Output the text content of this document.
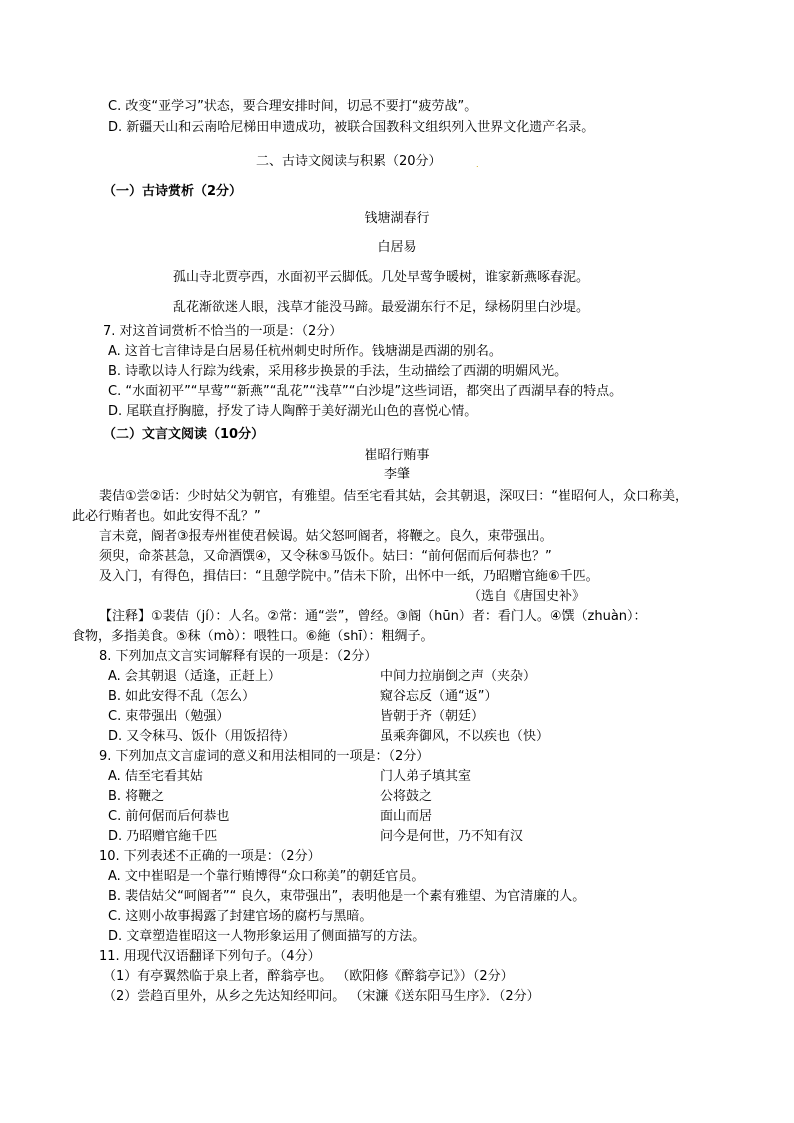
C. 改变“亚学习”状态，要合理安排时间，切忌不要打“疲劳战”。
D. 新疆天山和云南哈尼梯田申遗成功，被联合国教科文组织列入世界文化遗产名录。
二、古诗文阅读与积累（20分）	.
（一）古诗赏析（2分）
钱塘湖春行
白居易
孤山寺北贾亭西，水面初平云脚低。几处早莺争暖树，谁家新燕啄春泥。
乱花渐欲迷人眼，浅草才能没马蹄。最爱湖东行不足，绿杨阴里白沙堤。
7. 对这首词赏析不恰当的一项是：（2分）
A. 这首七言律诗是白居易任杭州刺史时所作。钱塘湖是西湖的别名。
B. 诗歌以诗人行踪为线索，采用移步换景的手法，生动描绘了西湖的明媚风光。
C. “水面初平”“早莺”“新燕”“乱花”“浅草”“白沙堤”这些词语，都突出了西湖早春的特点。
D. 尾联直抒胸臆，抒发了诗人陶醉于美好湖光山色的喜悦心情。
（二）文言文阅读（10分）
崔昭行贿事
李肇
裴佶①尝②话：少时姑父为朝官，有雅望。佶至宅看其姑，会其朝退，深叹曰：“崔昭何人，众口称美，
此必行贿者也。如此安得不乱？”
言未竟，阍者③报寿州崔使君候谒。姑父怒呵阍者，将鞭之。良久，束带强出。
须臾，命茶甚急，又命酒馔④，又令秣⑤马饭仆。姑曰：“前何倨而后何恭也？”
及入门，有得色，揖佶曰：“且憩学院中。”佶未下阶，出怀中一纸，乃昭赠官絁⑥千匹。
（选自《唐国史补》
【注释】①裴佶（jí）：人名。②常：通“尝”，曾经。③阍（hūn）者：看门人。④馔（zhuàn）：
食物，多指美食。⑤秣（mò）：喂牲口。⑥絁（shī）：粗绸子。
8. 下列加点文言实词解释有误的一项是：（2分）
A. 会其朝退（适逢，正赶上）	中间力拉崩倒之声（夹杂）
B. 如此安得不乱（怎么）	窥谷忘反（通“返”）
C. 束带强出（勉强）	皆朝于齐（朝廷）
D. 又令秣马、饭仆（用饭招待）	虽乘奔御风，不以疾也（快）
9. 下列加点文言虚词的意义和用法相同的一项是：（2分）
A. 佶至宅看其姑	门人弟子填其室
B. 将鞭之	公将鼓之
C. 前何倨而后何恭也	面山而居
D. 乃昭赠官絁千匹	问今是何世，乃不知有汉
10. 下列表述不正确的一项是：（2分）
A. 文中崔昭是一个靠行贿博得“众口称美”的朝廷官员。
B. 裴佶姑父“呵阍者”“ 良久，束带强出”，表明他是一个素有雅望、为官清廉的人。
C. 这则小故事揭露了封建官场的腐朽与黑暗。
D. 文章塑造崔昭这一人物形象运用了侧面描写的方法。
11. 用现代汉语翻译下列句子。（4分）
（1）有亭翼然临于泉上者，醉翁亭也。 （欧阳修《醉翁亭记》）（2分）
（2）尝趋百里外，从乡之先达知经叩问。 （宋濂《送东阳马生序》．（2分）
